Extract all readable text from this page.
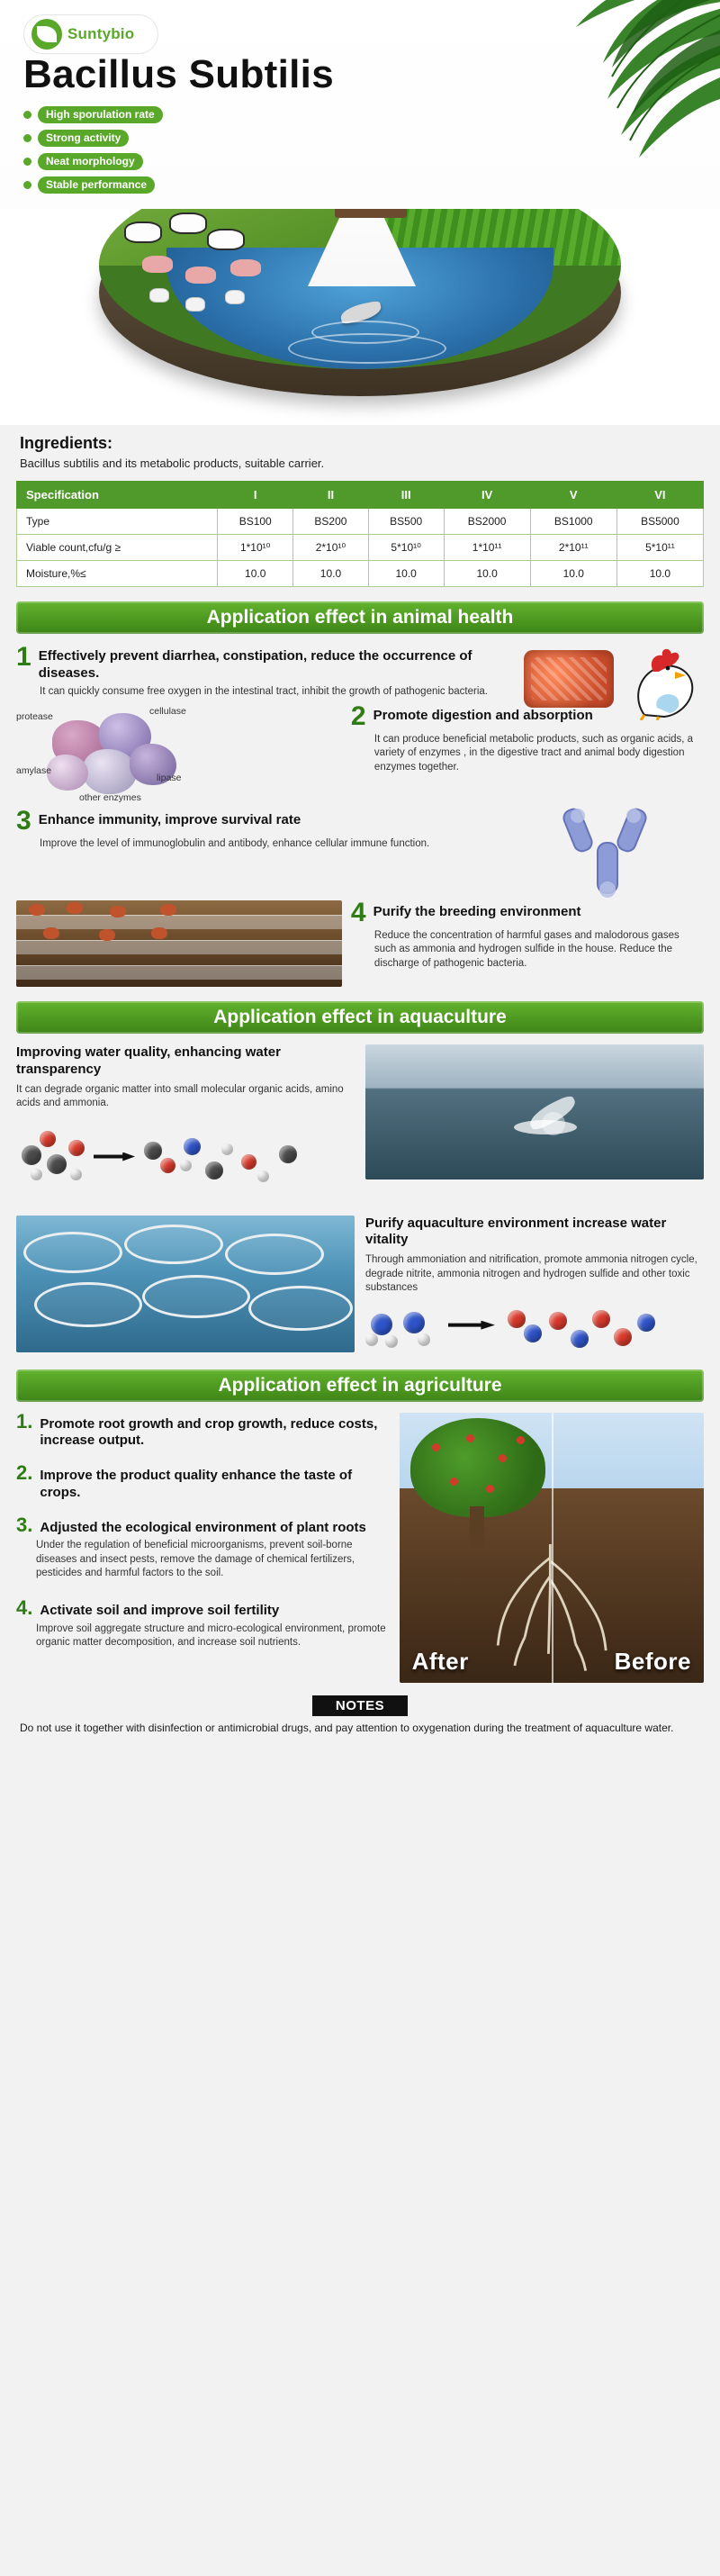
Suntybio
Bacillus Subtilis
High sporulation rate
Strong activity
Neat morphology
Stable performance
Ingredients:
Bacillus subtilis and its metabolic products, suitable carrier.
Specification	I	II	III	IV	V	VI
Type	BS100	BS200	BS500	BS2000	BS1000	BS5000
Viable count,cfu/g ≥	1*10¹⁰	2*10¹⁰	5*10¹⁰	1*10¹¹	2*10¹¹	5*10¹¹
Moisture,%≤	10.0	10.0	10.0	10.0	10.0	10.0
Application effect in animal health
1 Effectively prevent diarrhea, constipation, reduce the occurrence of diseases.
It can quickly consume free oxygen in the intestinal tract, inhibit the growth of pathogenic bacteria.
protease	cellulase
amylase
lipase
other enzymes
2 Promote digestion and absorption
It can produce beneficial metabolic products, such as organic acids, a variety of enzymes , in the digestive tract and animal body digestion enzymes together.
3 Enhance immunity, improve survival rate
Improve the level of immunoglobulin and antibody, enhance cellular immune function.
4 Purify the breeding environment
Reduce the concentration of harmful gases and malodorous gases such as ammonia and hydrogen sulfide in the house. Reduce the discharge of pathogenic bacteria.
Application effect in aquaculture
Improving water quality, enhancing water transparency
It can degrade organic matter into small molecular organic acids, amino acids and ammonia.
Purify aquaculture environment increase water vitality
Through ammoniation and nitrification, promote ammonia nitrogen cycle, degrade nitrite, ammonia nitrogen and hydrogen sulfide and other toxic substances
Application effect in agriculture
1. Promote root growth and crop growth, reduce costs, increase output.
2. Improve the product quality enhance the taste of crops.
3. Adjusted the ecological environment of plant roots
Under the regulation of beneficial microorganisms, prevent soil-borne diseases and insect pests, remove the damage of chemical fertilizers, pesticides and harmful factors to the soil.
4. Activate soil and improve soil fertility
Improve soil aggregate structure and micro-ecological environment, promote organic matter decomposition, and increase soil nutrients.
After	Before
NOTES
Do not use it together with disinfection or antimicrobial drugs, and pay attention to oxygenation during the treatment of aquaculture water.
